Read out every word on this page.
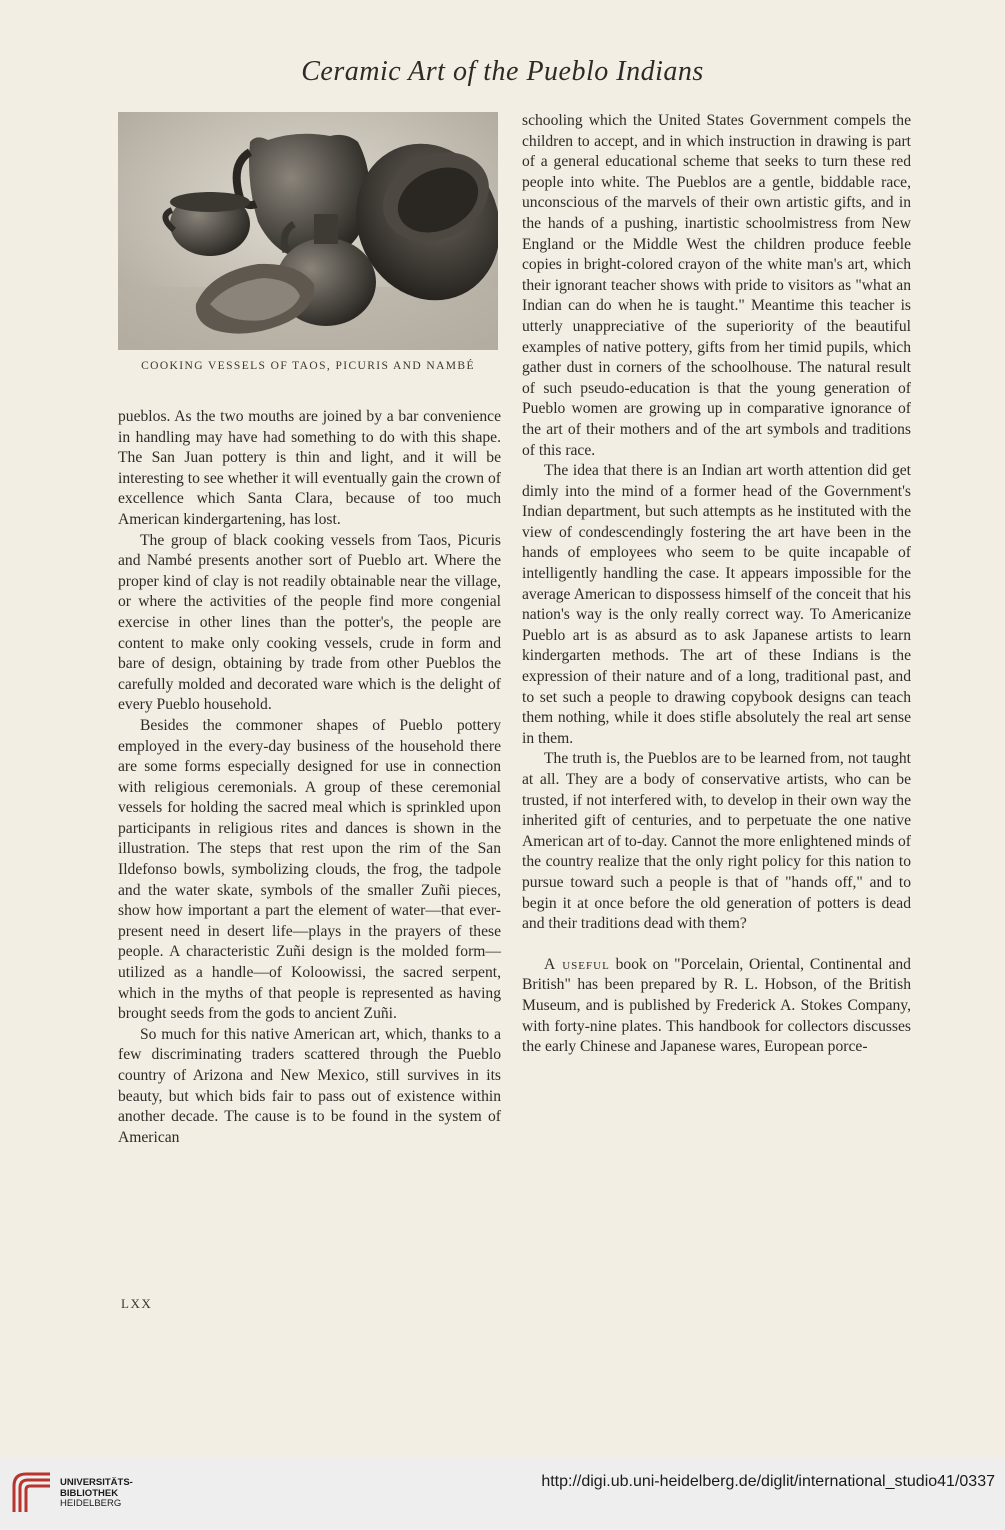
Ceramic Art of the Pueblo Indians
COOKING VESSELS OF TAOS, PICURIS AND NAMBÉ

pueblos. As the two mouths are joined by a bar convenience in handling may have had something to do with this shape. The San Juan pottery is thin and light, and it will be interesting to see whether it will eventually gain the crown of excellence which Santa Clara, because of too much American kindergartening, has lost.

The group of black cooking vessels from Taos, Picuris and Nambé presents another sort of Pueblo art. Where the proper kind of clay is not readily obtainable near the village, or where the activities of the people find more congenial exercise in other lines than the potter's, the people are content to make only cooking vessels, crude in form and bare of design, obtaining by trade from other Pueblos the carefully molded and decorated ware which is the delight of every Pueblo household.

Besides the commoner shapes of Pueblo pottery employed in the every-day business of the household there are some forms especially designed for use in connection with religious ceremonials. A group of these ceremonial vessels for holding the sacred meal which is sprinkled upon participants in religious rites and dances is shown in the illustration. The steps that rest upon the rim of the San Ildefonso bowls, symbolizing clouds, the frog, the tadpole and the water skate, symbols of the smaller Zuñi pieces, show how important a part the element of water—that ever-present need in desert life—plays in the prayers of these people. A characteristic Zuñi design is the molded form—utilized as a handle—of Koloowissi, the sacred serpent, which in the myths of that people is represented as having brought seeds from the gods to ancient Zuñi.

So much for this native American art, which, thanks to a few discriminating traders scattered through the Pueblo country of Arizona and New Mexico, still survives in its beauty, but which bids fair to pass out of existence within another decade. The cause is to be found in the system of American

schooling which the United States Government compels the children to accept, and in which instruction in drawing is part of a general educational scheme that seeks to turn these red people into white. The Pueblos are a gentle, biddable race, unconscious of the marvels of their own artistic gifts, and in the hands of a pushing, inartistic schoolmistress from New England or the Middle West the children produce feeble copies in bright-colored crayon of the white man's art, which their ignorant teacher shows with pride to visitors as "what an Indian can do when he is taught." Meantime this teacher is utterly unappreciative of the superiority of the beautiful examples of native pottery, gifts from her timid pupils, which gather dust in corners of the schoolhouse. The natural result of such pseudo-education is that the young generation of Pueblo women are growing up in comparative ignorance of the art of their mothers and of the art symbols and traditions of this race.

The idea that there is an Indian art worth attention did get dimly into the mind of a former head of the Government's Indian department, but such attempts as he instituted with the view of condescendingly fostering the art have been in the hands of employees who seem to be quite incapable of intelligently handling the case. It appears impossible for the average American to dispossess himself of the conceit that his nation's way is the only really correct way. To Americanize Pueblo art is as absurd as to ask Japanese artists to learn kindergarten methods. The art of these Indians is the expression of their nature and of a long, traditional past, and to set such a people to drawing copybook designs can teach them nothing, while it does stifle absolutely the real art sense in them.

The truth is, the Pueblos are to be learned from, not taught at all. They are a body of conservative artists, who can be trusted, if not interfered with, to develop in their own way the inherited gift of centuries, and to perpetuate the one native American art of to-day. Cannot the more enlightened minds of the country realize that the only right policy for this nation to pursue toward such a people is that of "hands off," and to begin it at once before the old generation of potters is dead and their traditions dead with them?

A useful book on "Porcelain, Oriental, Continental and British" has been prepared by R. L. Hobson, of the British Museum, and is published by Frederick A. Stokes Company, with forty-nine plates. This handbook for collectors discusses the early Chinese and Japanese wares, European porce-

LXX
UNIVERSITÄTS-
BIBLIOTHEK
HEIDELBERG
http://digi.ub.uni-heidelberg.de/diglit/international_studio41/0337
